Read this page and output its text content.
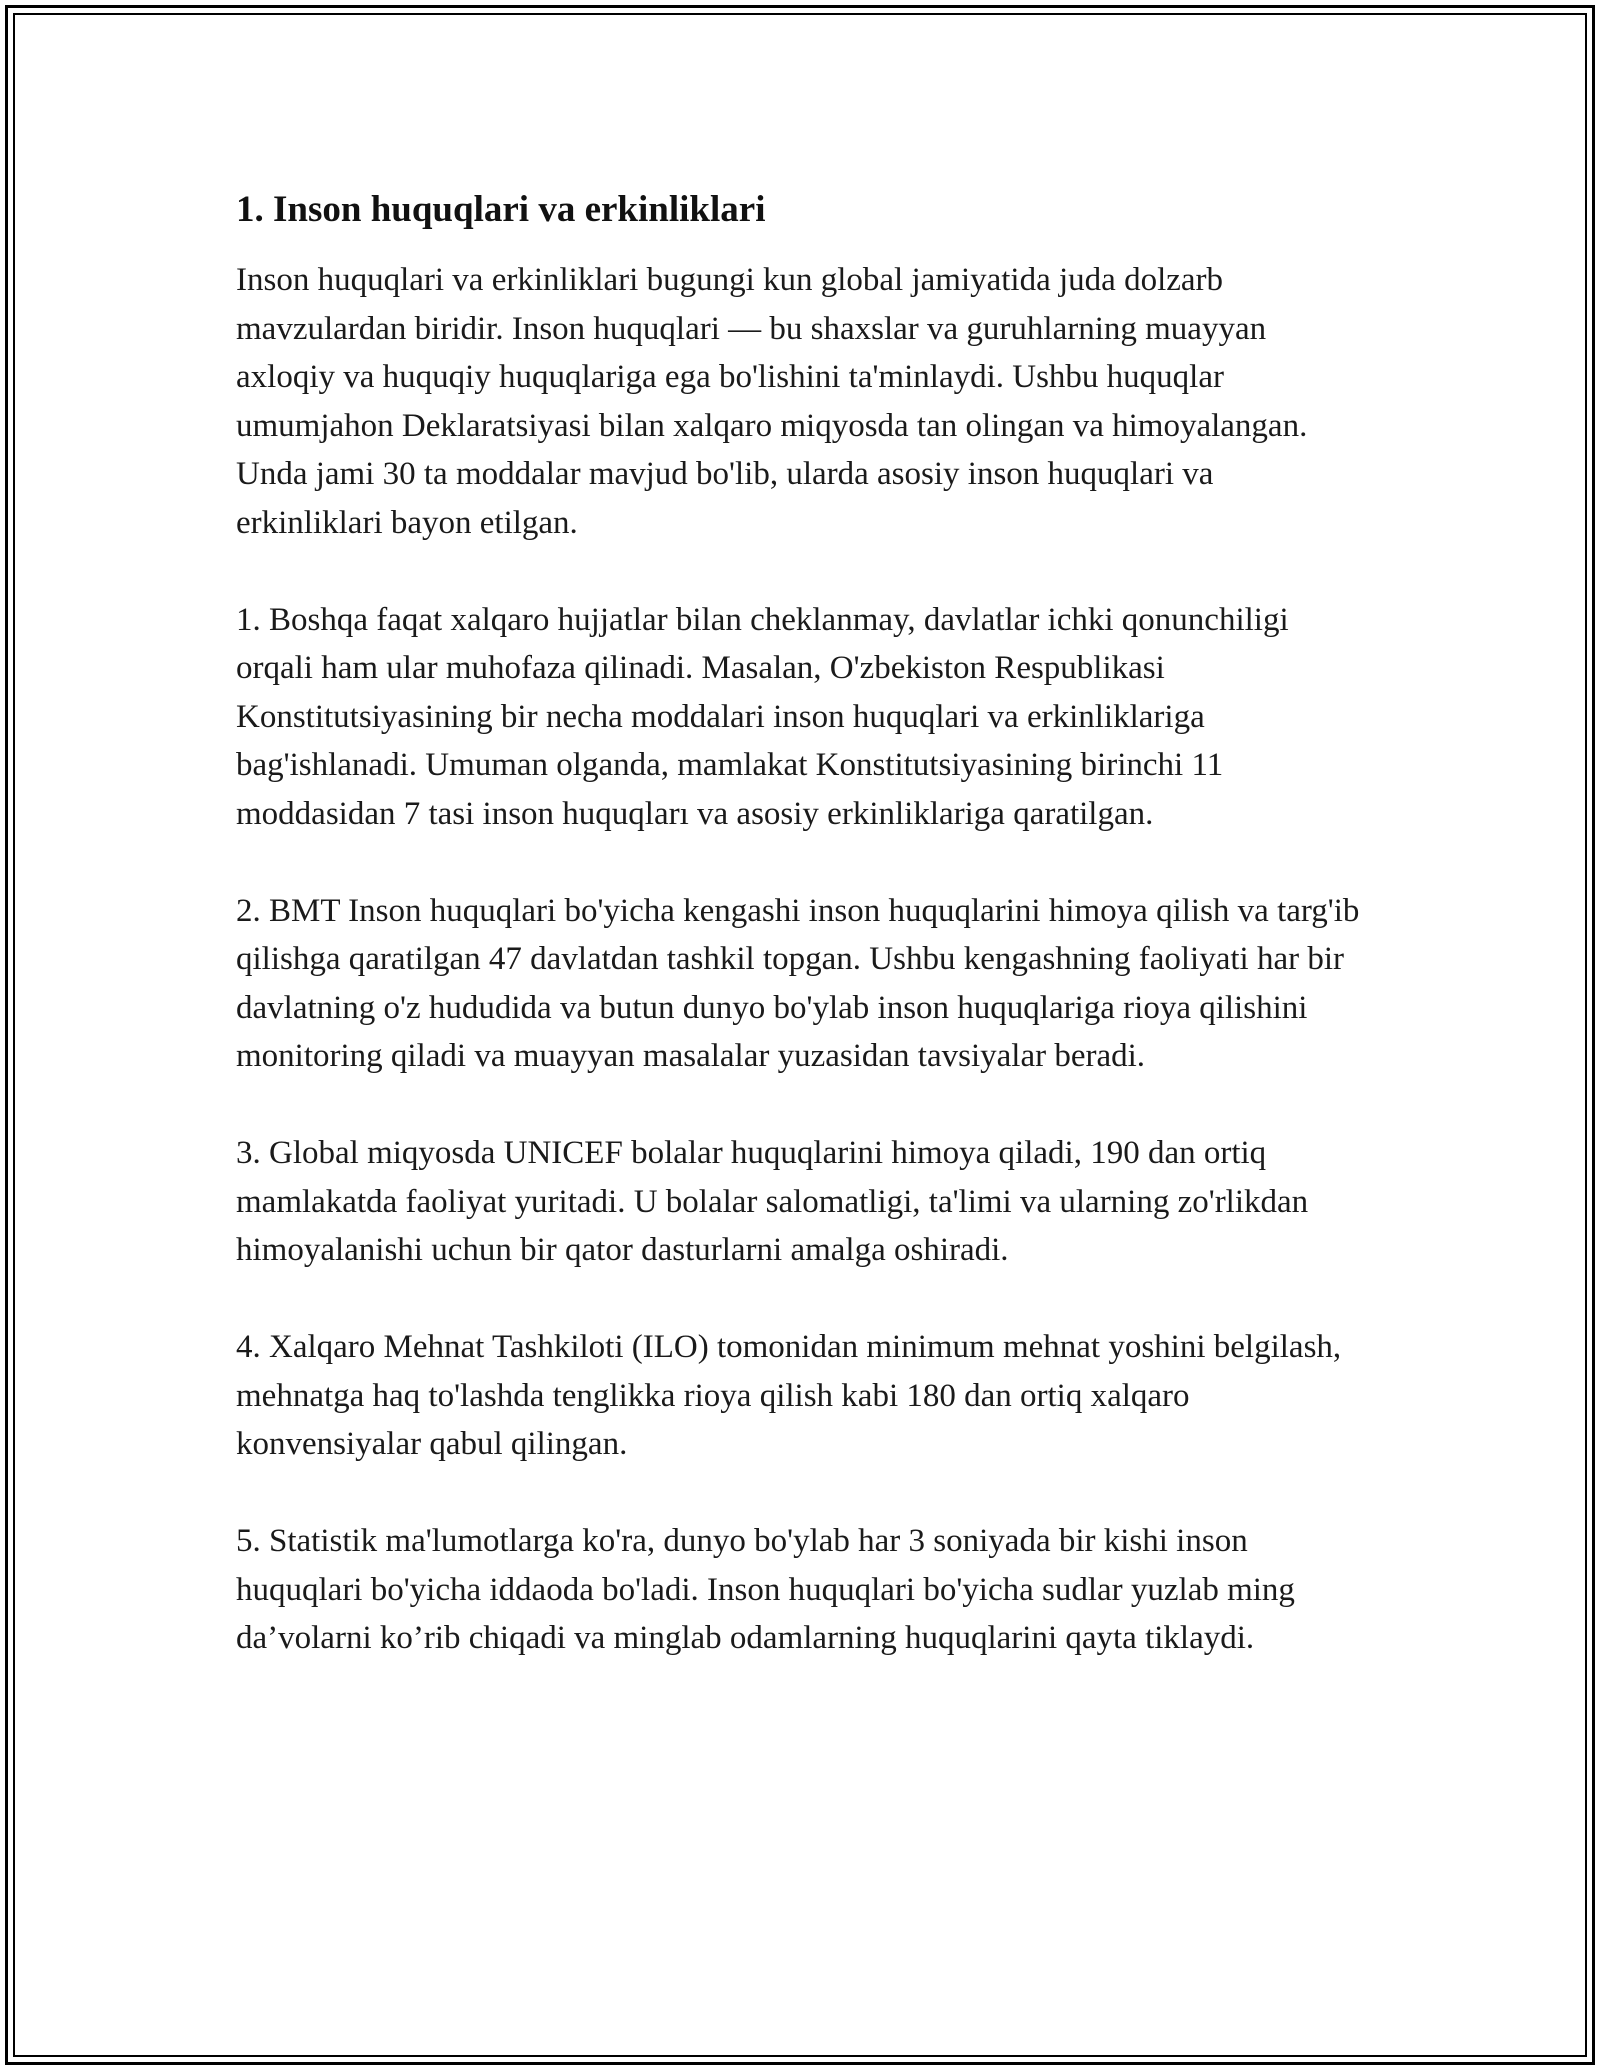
1. Inson huquqlari va erkinliklari

Inson huquqlari va erkinliklari bugungi kun global jamiyatida juda dolzarb mavzulardan biridir. Inson huquqlari — bu shaxslar va guruhlarning muayyan axloqiy va huquqiy huquqlariga ega bo'lishini ta'minlaydi. Ushbu huquqlar umumjahon Deklaratsiyasi bilan xalqaro miqyosda tan olingan va himoyalangan. Unda jami 30 ta moddalar mavjud bo'lib, ularda asosiy inson huquqlari va erkinliklari bayon etilgan.

1. Boshqa faqat xalqaro hujjatlar bilan cheklanmay, davlatlar ichki qonunchiligi orqali ham ular muhofaza qilinadi. Masalan, O'zbekiston Respublikasi Konstitutsiyasining bir necha moddalari inson huquqlari va erkinliklariga bag'ishlanadi. Umuman olganda, mamlakat Konstitutsiyasining birinchi 11 moddasidan 7 tasi inson huquqları va asosiy erkinliklariga qaratilgan.

2. BMT Inson huquqlari bo'yicha kengashi inson huquqlarini himoya qilish va targ'ib qilishga qaratilgan 47 davlatdan tashkil topgan. Ushbu kengashning faoliyati har bir davlatning o'z hududida va butun dunyo bo'ylab inson huquqlariga rioya qilishini monitoring qiladi va muayyan masalalar yuzasidan tavsiyalar beradi.

3. Global miqyosda UNICEF bolalar huquqlarini himoya qiladi, 190 dan ortiq mamlakatda faoliyat yuritadi. U bolalar salomatligi, ta'limi va ularning zo'rlikdan himoyalanishi uchun bir qator dasturlarni amalga oshiradi.

4. Xalqaro Mehnat Tashkiloti (ILO) tomonidan minimum mehnat yoshini belgilash, mehnatga haq to'lashda tenglikka rioya qilish kabi 180 dan ortiq xalqaro konvensiyalar qabul qilingan.

5. Statistik ma'lumotlarga ko'ra, dunyo bo'ylab har 3 soniyada bir kishi inson huquqlari bo'yicha iddaoda bo'ladi. Inson huquqlari bo'yicha sudlar yuzlab ming da’volarni ko’rib chiqadi va minglab odamlarning huquqlarini qayta tiklaydi.
